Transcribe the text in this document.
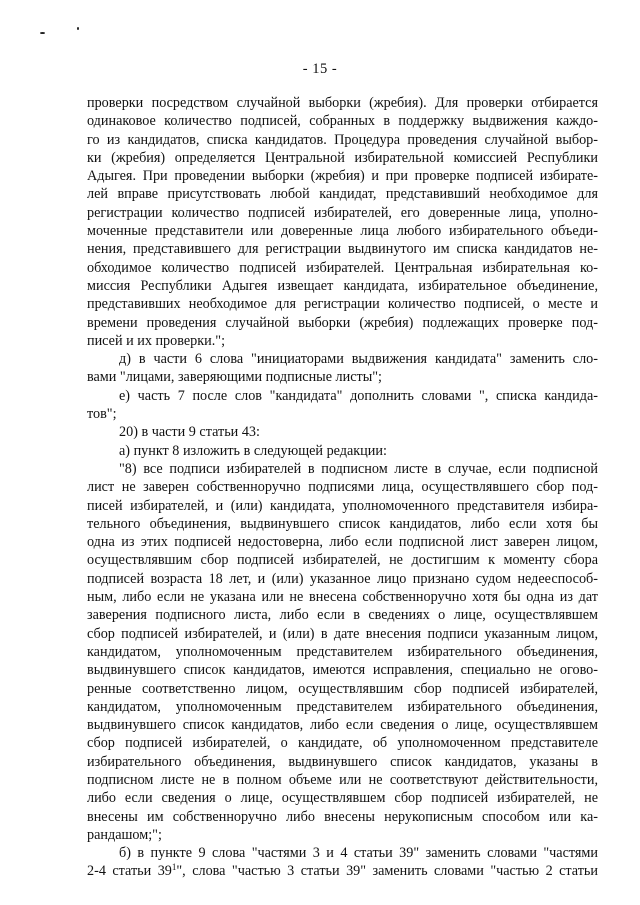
- 15 -

проверки посредством случайной выборки (жребия). Для проверки отбирается

одинаковое количество подписей, собранных в поддержку выдвижения каждо-

го из кандидатов, списка кандидатов. Процедура проведения случайной выбор-

ки (жребия) определяется Центральной избирательной комиссией Республики

Адыгея. При проведении выборки (жребия) и при проверке подписей избирате-

лей вправе присутствовать любой кандидат, представивший необходимое для

регистрации количество подписей избирателей, его доверенные лица, уполно-

моченные представители или доверенные лица любого избирательного объеди-

нения, представившего для регистрации выдвинутого им списка кандидатов не-

обходимое количество подписей избирателей. Центральная избирательная ко-

миссия Республики Адыгея извещает кандидата, избирательное объединение,

представивших необходимое для регистрации количество подписей, о месте и

времени проведения случайной выборки (жребия) подлежащих проверке под-

писей и их проверки.";

д) в части 6 слова "инициаторами выдвижения кандидата" заменить сло-

вами "лицами, заверяющими подписные листы";

е) часть 7 после слов "кандидата" дополнить словами ", списка кандида-

тов";

20) в части 9 статьи 43:

а) пункт 8 изложить в следующей редакции:

"8) все подписи избирателей в подписном листе в случае, если подписной

лист не заверен собственноручно подписями лица, осуществлявшего сбор под-

писей избирателей, и (или) кандидата, уполномоченного представителя избира-

тельного объединения, выдвинувшего список кандидатов, либо если хотя бы

одна из этих подписей недостоверна, либо если подписной лист заверен лицом,

осуществлявшим сбор подписей избирателей, не достигшим к моменту сбора

подписей возраста 18 лет, и (или) указанное лицо признано судом недееспособ-

ным, либо если не указана или не внесена собственноручно хотя бы одна из дат

заверения подписного листа, либо если в сведениях о лице, осуществлявшем

сбор подписей избирателей, и (или) в дате внесения подписи указанным лицом,

кандидатом, уполномоченным представителем избирательного объединения,

выдвинувшего список кандидатов, имеются исправления, специально не огово-

ренные соответственно лицом, осуществлявшим сбор подписей избирателей,

кандидатом, уполномоченным представителем избирательного объединения,

выдвинувшего список кандидатов, либо если сведения о лице, осуществлявшем

сбор подписей избирателей, о кандидате, об уполномоченном представителе

избирательного объединения, выдвинувшего список кандидатов, указаны в

подписном листе не в полном объеме или не соответствуют действительности,

либо если сведения о лице, осуществлявшем сбор подписей избирателей, не

внесены им собственноручно либо внесены нерукописным способом или ка-

рандашом;";

б) в пункте 9 слова "частями 3 и 4 статьи 39" заменить словами "частями

2-4 статьи $39^1$", слова "частью 3 статьи 39" заменить словами "частью 2 статьи
